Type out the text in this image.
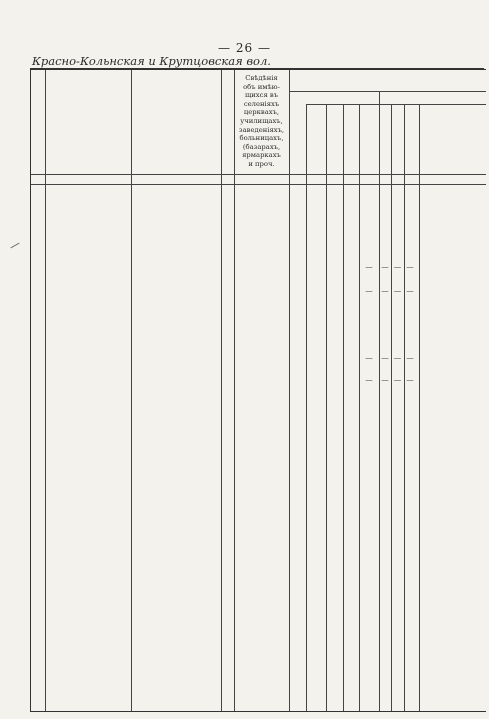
— 26 —
Красно-Кольнская и Крутцовская вол.
Свѣдѣнiя
объ имѣю-
щихся въ
селенiяхъ
церквахъ,
училищахъ,
заведенiяхъ,
больницахъ,
(базарахъ,
ярмаркахъ
и проч.
—	— — —
—	— — —
—	— — —
—	— — —
